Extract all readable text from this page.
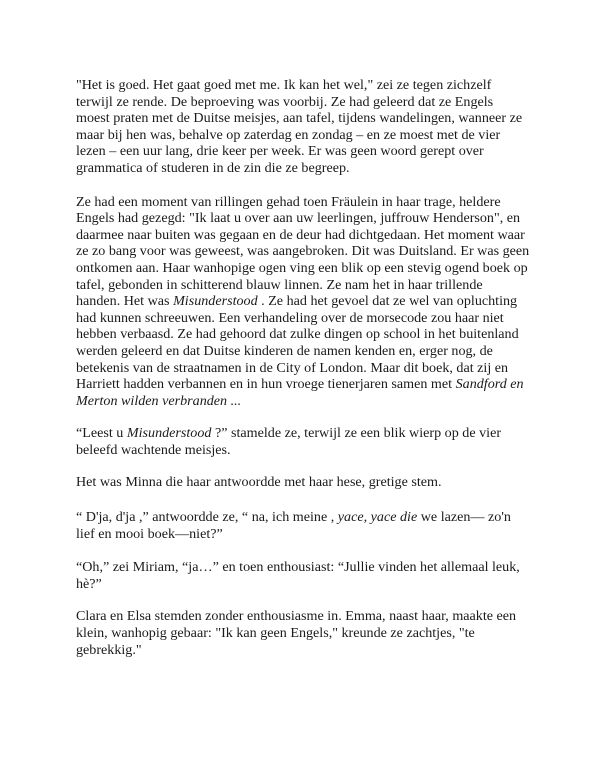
"Het is goed. Het gaat goed met me. Ik kan het wel," zei ze tegen zichzelf terwijl ze rende. De beproeving was voorbij. Ze had geleerd dat ze Engels moest praten met de Duitse meisjes, aan tafel, tijdens wandelingen, wanneer ze maar bij hen was, behalve op zaterdag en zondag – en ze moest met de vier lezen – een uur lang, drie keer per week. Er was geen woord gerept over grammatica of studeren in de zin die ze begreep.

Ze had een moment van rillingen gehad toen Fräulein in haar trage, heldere Engels had gezegd: "Ik laat u over aan uw leerlingen, juffrouw Henderson", en daarmee naar buiten was gegaan en de deur had dichtgedaan. Het moment waar ze zo bang voor was geweest, was aangebroken. Dit was Duitsland. Er was geen ontkomen aan. Haar wanhopige ogen ving een blik op een stevig ogend boek op tafel, gebonden in schitterend blauw linnen. Ze nam het in haar trillende handen. Het was Misunderstood . Ze had het gevoel dat ze wel van opluchting had kunnen schreeuwen. Een verhandeling over de morsecode zou haar niet hebben verbaasd. Ze had gehoord dat zulke dingen op school in het buitenland werden geleerd en dat Duitse kinderen de namen kenden en, erger nog, de betekenis van de straatnamen in de City of London. Maar dit boek, dat zij en Harriett hadden verbannen en in hun vroege tienerjaren samen met Sandford en Merton wilden verbranden ...

“Leest u Misunderstood ?” stamelde ze, terwijl ze een blik wierp op de vier beleefd wachtende meisjes.

Het was Minna die haar antwoordde met haar hese, gretige stem.

“ D'ja, d'ja ,” antwoordde ze, “ na, ich meine , yace, yace die we lazen— zo'n lief en mooi boek—niet?”

“Oh,” zei Miriam, “ja…” en toen enthousiast: “Jullie vinden het allemaal leuk, hè?”

Clara en Elsa stemden zonder enthousiasme in. Emma, naast haar, maakte een klein, wanhopig gebaar: "Ik kan geen Engels," kreunde ze zachtjes, "te gebrekkig."
